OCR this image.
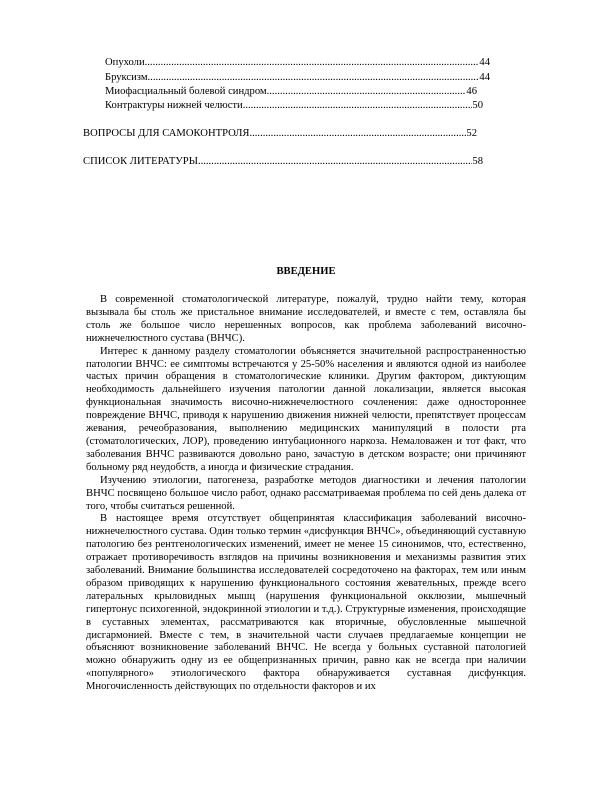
Опухоли .....	44
Бруксизм .....	44
Миофасциальный болевой синдром .....	46
Контрактуры нижней челюсти .....	50
ВОПРОСЫ ДЛЯ САМОКОНТРОЛЯ .....	52
СПИСОК ЛИТЕРАТУРЫ .....	58
ВВЕДЕНИЕ

В современной стоматологической литературе, пожалуй, трудно найти тему, которая вызывала бы столь же пристальное внимание исследователей, и вместе с тем, оставляла бы столь же большое число нерешенных вопросов, как проблема заболеваний височно-нижнечелюстного сустава (ВНЧС).

Интерес к данному разделу стоматологии объясняется значительной распространенностью патологии ВНЧС: ее симптомы встречаются у 25-50% населения и являются одной из наиболее частых причин обращения в стоматологические клиники. Другим фактором, диктующим необходимость дальнейшего изучения патологии данной локализации, является высокая функциональная значимость височно-нижнечелюстного сочленения: даже одностороннее повреждение ВНЧС, приводя к нарушению движения нижней челюсти, препятствует процессам жевания, речеобразования, выполнению медицинских манипуляций в полости рта (стоматологических, ЛОР), проведению интубационного наркоза. Немаловажен и тот факт, что заболевания ВНЧС развиваются довольно рано, зачастую в детском возрасте; они причиняют больному ряд неудобств, а иногда и физические страдания.

Изучению этиологии, патогенеза, разработке методов диагностики и лечения патологии ВНЧС посвящено большое число работ, однако рассматриваемая проблема по сей день далека от того, чтобы считаться решенной.

В настоящее время отсутствует общепринятая классификация заболеваний височно-нижнечелюстного сустава. Один только термин «дисфункция ВНЧС», объединяющий суставную патологию без рентгенологических изменений, имеет не менее 15 синонимов, что, естественно, отражает противоречивость взглядов на причины возникновения и механизмы развития этих заболеваний. Внимание большинства исследователей сосредоточено на факторах, тем или иным образом приводящих к нарушению функционального состояния жевательных, прежде всего латеральных крыловидных мышц (нарушения функциональной окклюзии, мышечный гипертонус психогенной, эндокринной этиологии и т.д.). Структурные изменения, происходящие в суставных элементах, рассматриваются как вторичные, обусловленные мышечной дисгармонией. Вместе с тем, в значительной части случаев предлагаемые концепции не объясняют возникновение заболеваний ВНЧС. Не всегда у больных суставной патологией можно обнаружить одну из ее общепризнанных причин, равно как не всегда при наличии «популярного» этиологического фактора обнаруживается суставная дисфункция. Многочисленность действующих по отдельности факторов и их
